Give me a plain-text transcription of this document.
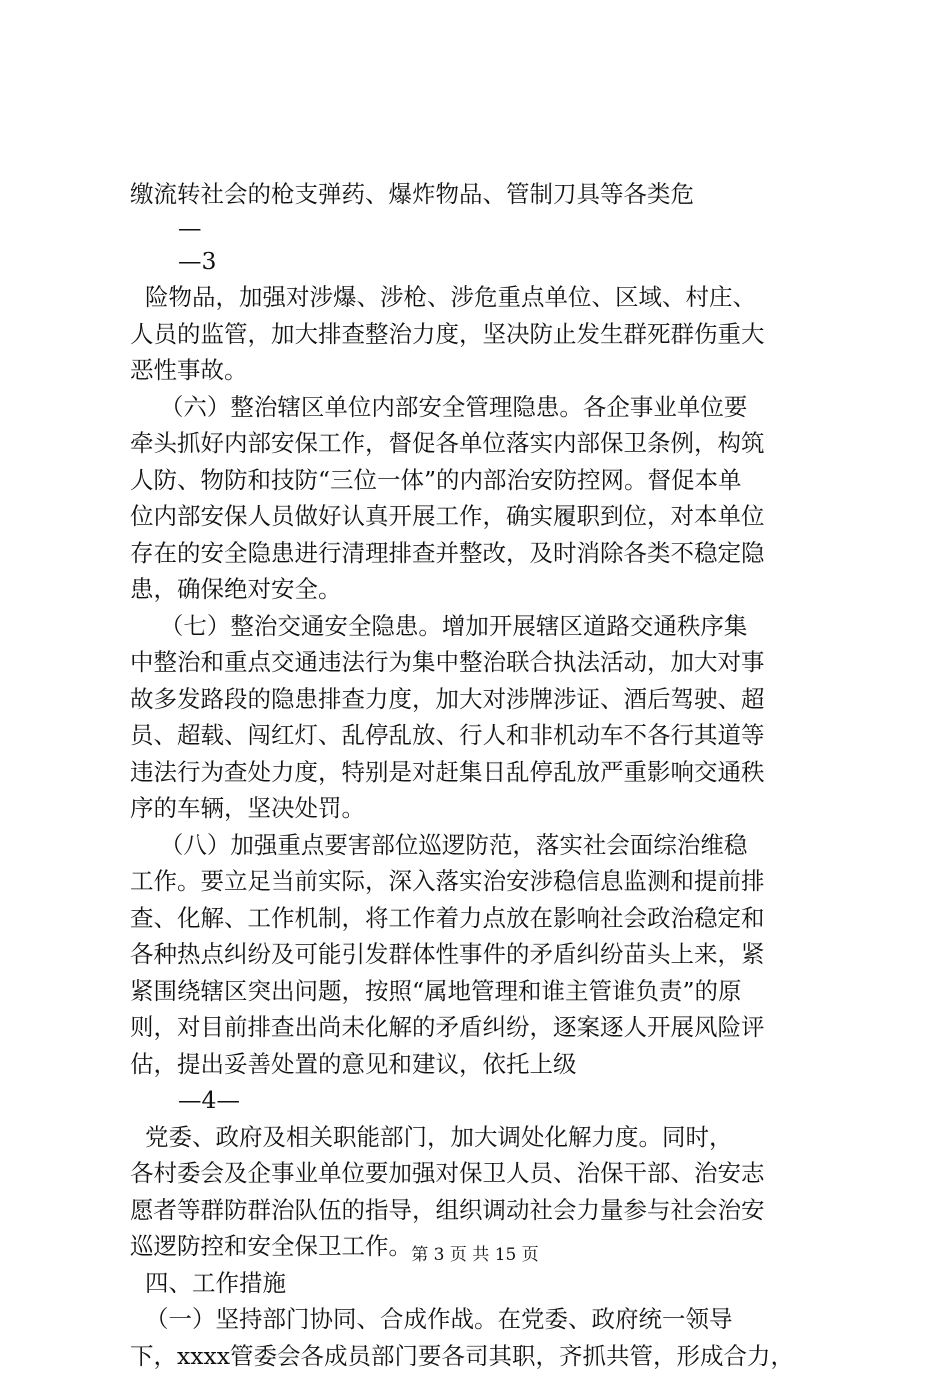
缴流转社会的枪支弹药、爆炸物品、管制刀具等各类危
—
—3
险物品，加强对涉爆、涉枪、涉危重点单位、区域、村庄、
人员的监管，加大排查整治力度，坚决防止发生群死群伤重大
恶性事故。
（六）整治辖区单位内部安全管理隐患。各企事业单位要
牵头抓好内部安保工作，督促各单位落实内部保卫条例，构筑
人防、物防和技防“三位一体”的内部治安防控网。督促本单
位内部安保人员做好认真开展工作，确实履职到位，对本单位
存在的安全隐患进行清理排查并整改，及时消除各类不稳定隐
患，确保绝对安全。
（七）整治交通安全隐患。增加开展辖区道路交通秩序集
中整治和重点交通违法行为集中整治联合执法活动，加大对事
故多发路段的隐患排查力度，加大对涉牌涉证、酒后驾驶、超
员、超载、闯红灯、乱停乱放、行人和非机动车不各行其道等
违法行为查处力度，特别是对赶集日乱停乱放严重影响交通秩
序的车辆，坚决处罚。
（八）加强重点要害部位巡逻防范，落实社会面综治维稳
工作。要立足当前实际，深入落实治安涉稳信息监测和提前排
查、化解、工作机制，将工作着力点放在影响社会政治稳定和
各种热点纠纷及可能引发群体性事件的矛盾纠纷苗头上来，紧
紧围绕辖区突出问题，按照“属地管理和谁主管谁负责”的原
则，对目前排查出尚未化解的矛盾纠纷，逐案逐人开展风险评
估，提出妥善处置的意见和建议，依托上级
—4—
党委、政府及相关职能部门，加大调处化解力度。同时，
各村委会及企事业单位要加强对保卫人员、治保干部、治安志
愿者等群防群治队伍的指导，组织调动社会力量参与社会治安
巡逻防控和安全保卫工作。
四、工作措施
（一）坚持部门协同、合成作战。在党委、政府统一领导
下，xxxx管委会各成员部门要各司其职，齐抓共管，形成合力，
第 3 页 共 15 页
